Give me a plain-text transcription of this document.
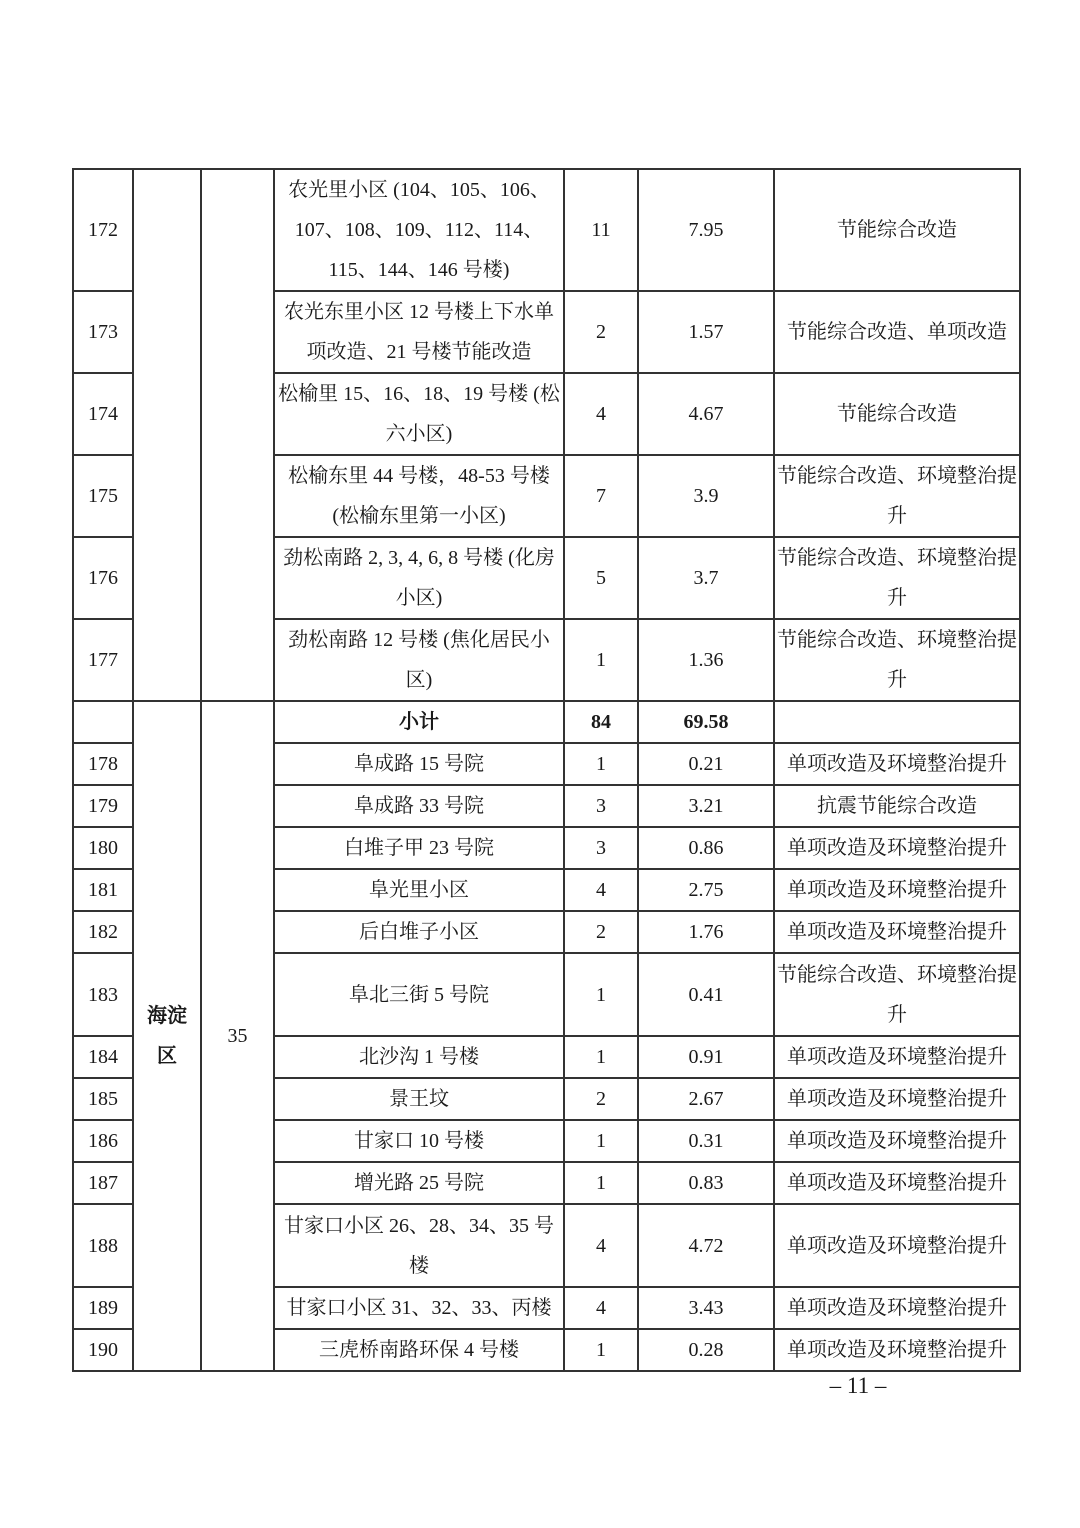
172			农光里小区 (104、105、106、107、108、109、112、114、115、144、146 号楼)	11	7.95	节能综合改造
173			农光东里小区 12 号楼上下水单项改造、21 号楼节能改造	2	1.57	节能综合改造、单项改造
174			松榆里 15、16、18、19 号楼 (松六小区)	4	4.67	节能综合改造
175			松榆东里 44 号楼，48-53 号楼 (松榆东里第一小区)	7	3.9	节能综合改造、环境整治提升
176			劲松南路 2, 3, 4, 6, 8 号楼 (化房小区)	5	3.7	节能综合改造、环境整治提升
177			劲松南路 12 号楼 (焦化居民小区)	1	1.36	节能综合改造、环境整治提升

	海淀区	35	小计	84	69.58	
178			阜成路 15 号院	1	0.21	单项改造及环境整治提升
179			阜成路 33 号院	3	3.21	抗震节能综合改造
180			白堆子甲 23 号院	3	0.86	单项改造及环境整治提升
181			阜光里小区	4	2.75	单项改造及环境整治提升
182			后白堆子小区	2	1.76	单项改造及环境整治提升
183			阜北三街 5 号院	1	0.41	节能综合改造、环境整治提升
184			北沙沟 1 号楼	1	0.91	单项改造及环境整治提升
185			景王坟	2	2.67	单项改造及环境整治提升
186			甘家口 10 号楼	1	0.31	单项改造及环境整治提升
187			增光路 25 号院	1	0.83	单项改造及环境整治提升
188			甘家口小区 26、28、34、35 号楼	4	4.72	单项改造及环境整治提升
189			甘家口小区 31、32、33、丙楼	4	3.43	单项改造及环境整治提升
190			三虎桥南路环保 4 号楼	1	0.28	单项改造及环境整治提升
– 11 –
